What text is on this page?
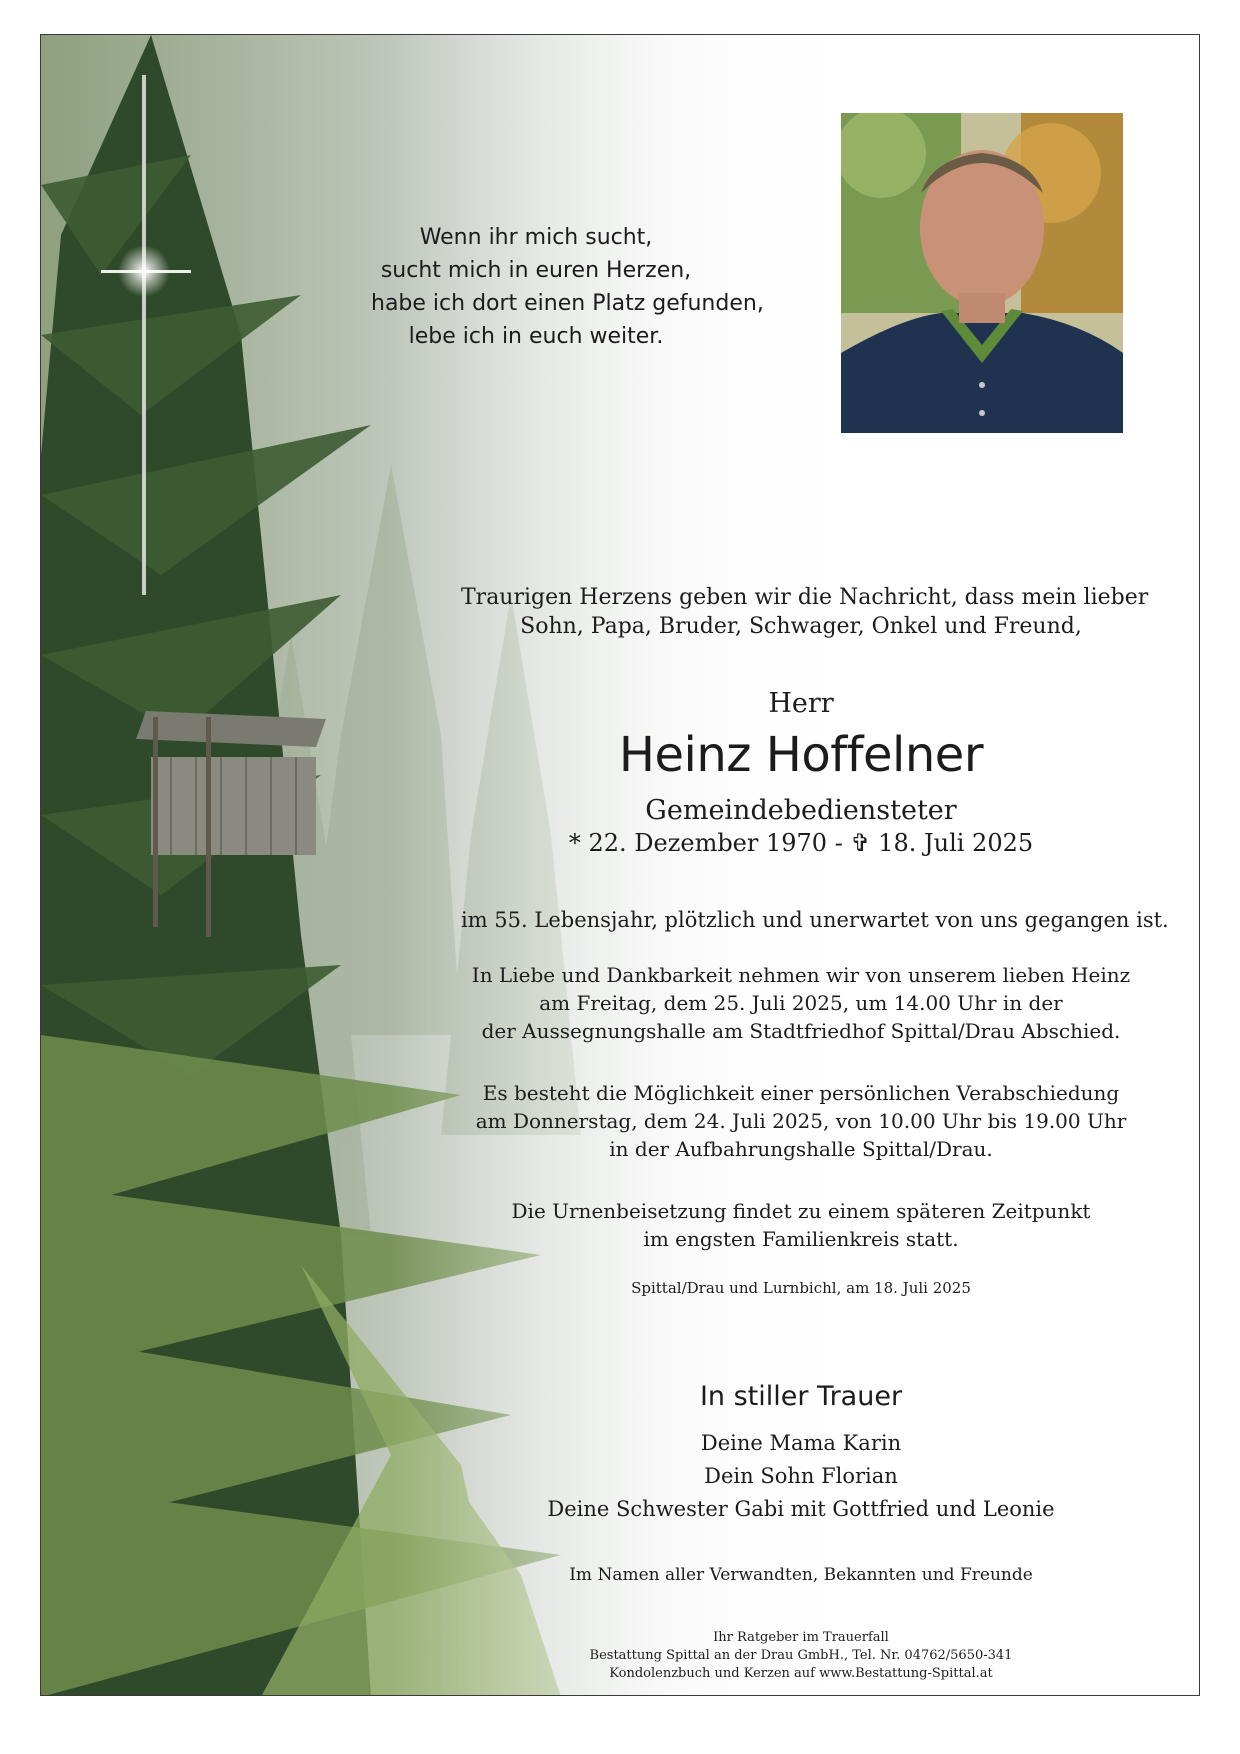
Wenn ihr mich sucht,
sucht mich in euren Herzen,
habe ich dort einen Platz gefunden,
lebe ich in euch weiter.
Traurigen Herzens geben wir die Nachricht, dass mein lieber
Sohn, Papa, Bruder, Schwager, Onkel und Freund,
Herr
Heinz Hoffelner
Gemeindebediensteter
* 22. Dezember 1970 - ✞ 18. Juli 2025
im 55. Lebensjahr, plötzlich und unerwartet von uns gegangen ist.
In Liebe und Dankbarkeit nehmen wir von unserem lieben Heinz
am Freitag, dem 25. Juli 2025, um 14.00 Uhr in der
der Aussegnungshalle am Stadtfriedhof Spittal/Drau Abschied.
Es besteht die Möglichkeit einer persönlichen Verabschiedung
am Donnerstag, dem 24. Juli 2025, von 10.00 Uhr bis 19.00 Uhr
in der Aufbahrungshalle Spittal/Drau.
Die Urnenbeisetzung findet zu einem späteren Zeitpunkt
im engsten Familienkreis statt.
Spittal/Drau und Lurnbichl, am 18. Juli 2025
In stiller Trauer
Deine Mama Karin
Dein Sohn Florian
Deine Schwester Gabi mit Gottfried und Leonie
Im Namen aller Verwandten, Bekannten und Freunde
Ihr Ratgeber im Trauerfall
Bestattung Spittal an der Drau GmbH., Tel. Nr. 04762/5650-341
Kondolenzbuch und Kerzen auf www.Bestattung-Spittal.at
